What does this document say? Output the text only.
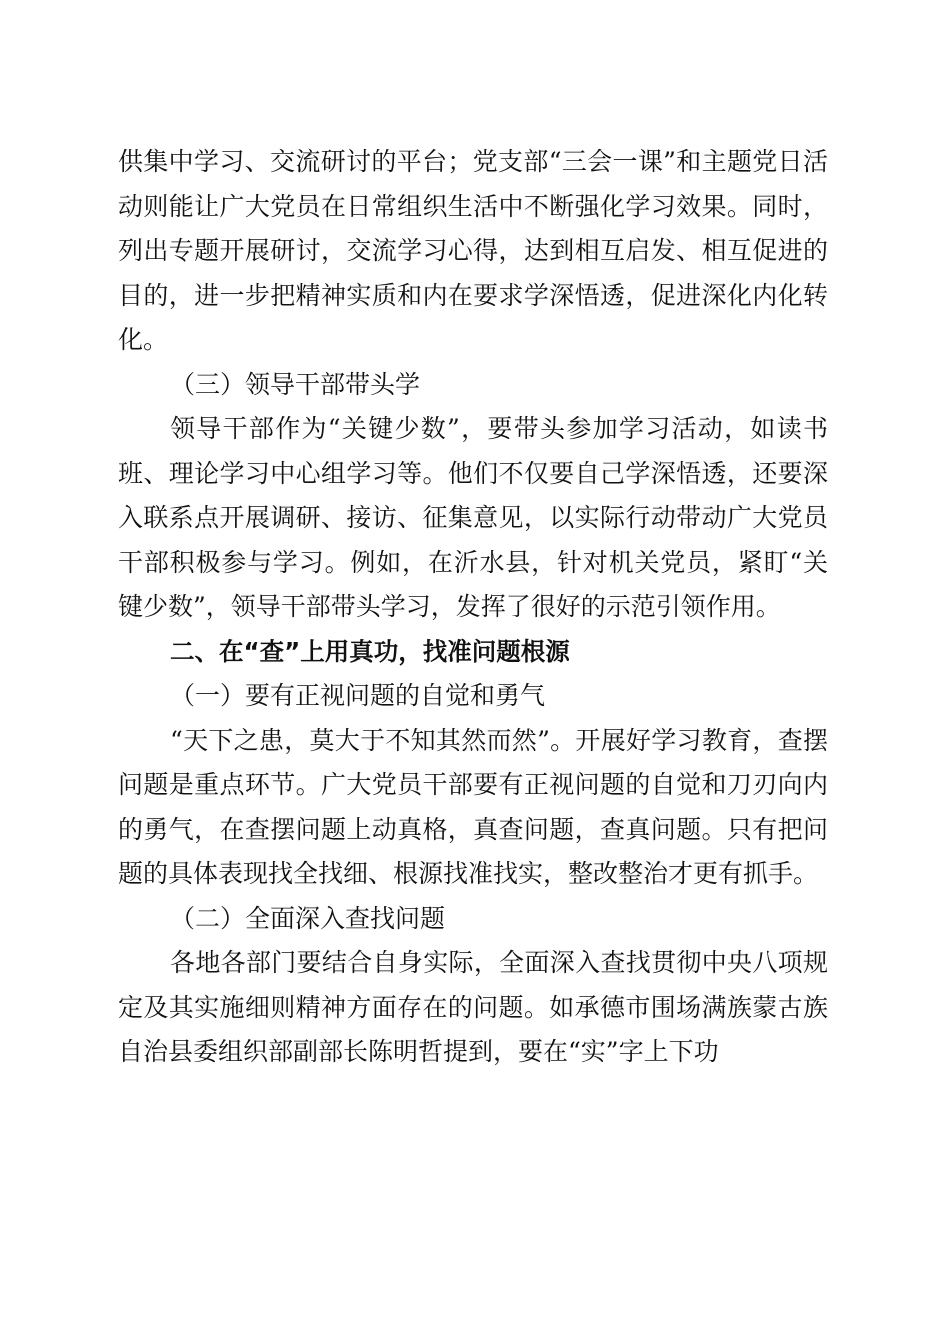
供集中学习、交流研讨的平台；党支部“三会一课”和主题党日活动则能让广大党员在日常组织生活中不断强化学习效果。同时，列出专题开展研讨，交流学习心得，达到相互启发、相互促进的目的，进一步把精神实质和内在要求学深悟透，促进深化内化转化。

（三）领导干部带头学

领导干部作为“关键少数”，要带头参加学习活动，如读书班、理论学习中心组学习等。他们不仅要自己学深悟透，还要深入联系点开展调研、接访、征集意见，以实际行动带动广大党员干部积极参与学习。例如，在沂水县，针对机关党员，紧盯“关键少数”，领导干部带头学习，发挥了很好的示范引领作用。

二、在“查”上用真功，找准问题根源

（一）要有正视问题的自觉和勇气

“天下之患，莫大于不知其然而然”。开展好学习教育，查摆问题是重点环节。广大党员干部要有正视问题的自觉和刀刃向内的勇气，在查摆问题上动真格，真查问题，查真问题。只有把问题的具体表现找全找细、根源找准找实，整改整治才更有抓手。

（二）全面深入查找问题

各地各部门要结合自身实际，全面深入查找贯彻中央八项规定及其实施细则精神方面存在的问题。如承德市围场满族蒙古族自治县委组织部副部长陈明哲提到，要在“实”字上下功
